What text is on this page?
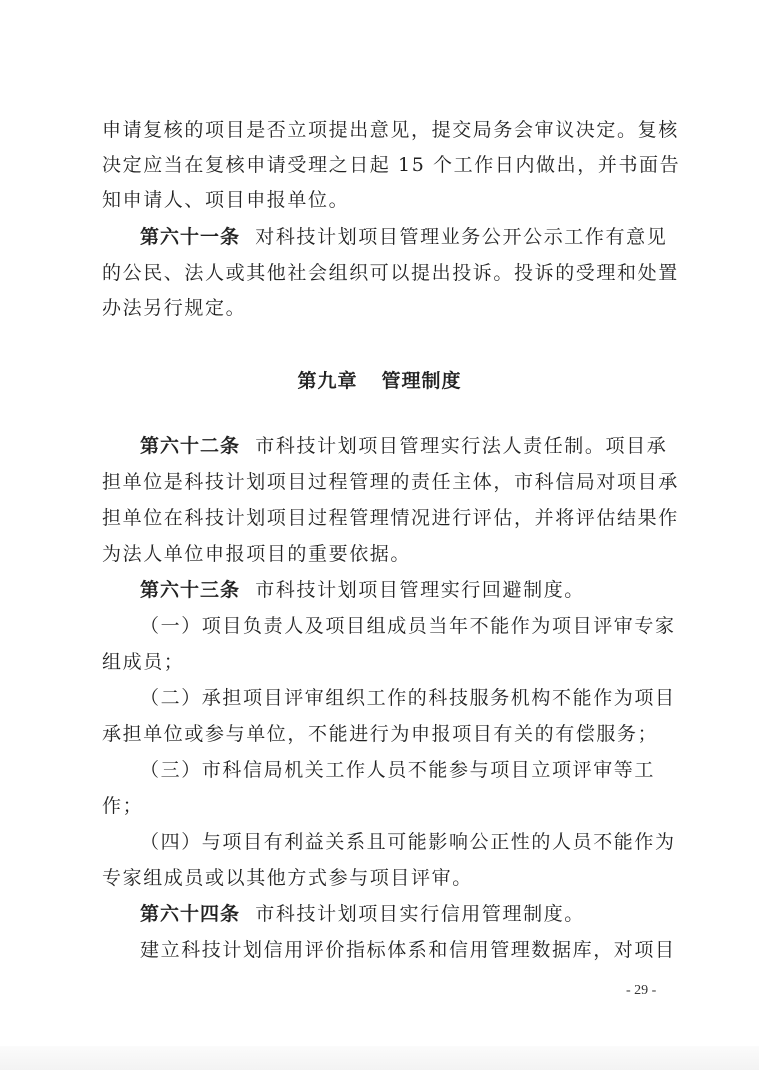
申请复核的项目是否立项提出意见，提交局务会审议决定。复核
决定应当在复核申请受理之日起 15 个工作日内做出，并书面告
知申请人、项目申报单位。
第六十一条 对科技计划项目管理业务公开公示工作有意见
的公民、法人或其他社会组织可以提出投诉。投诉的受理和处置
办法另行规定。
第九章 管理制度
第六十二条 市科技计划项目管理实行法人责任制。项目承
担单位是科技计划项目过程管理的责任主体，市科信局对项目承
担单位在科技计划项目过程管理情况进行评估，并将评估结果作
为法人单位申报项目的重要依据。
第六十三条 市科技计划项目管理实行回避制度。
（一）项目负责人及项目组成员当年不能作为项目评审专家
组成员；
（二）承担项目评审组织工作的科技服务机构不能作为项目
承担单位或参与单位，不能进行为申报项目有关的有偿服务；
（三）市科信局机关工作人员不能参与项目立项评审等工
作；
（四）与项目有利益关系且可能影响公正性的人员不能作为
专家组成员或以其他方式参与项目评审。
第六十四条 市科技计划项目实行信用管理制度。
建立科技计划信用评价指标体系和信用管理数据库，对项目
- 29 -
